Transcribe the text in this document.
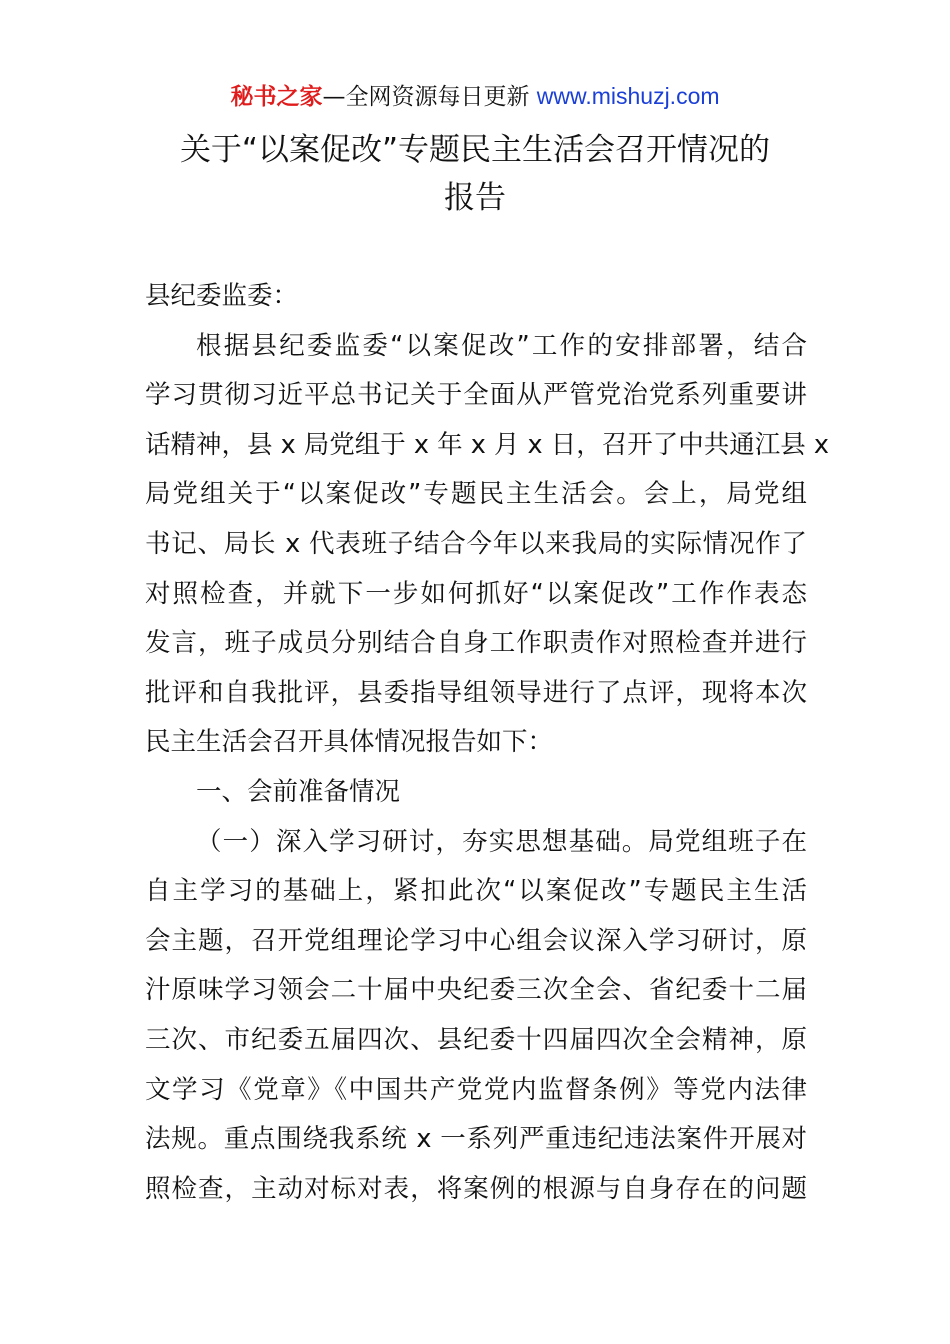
秘书之家—全网资源每日更新 www.mishuzj.com
关于“以案促改”专题民主生活会召开情况的
报告
县纪委监委：
根据县纪委监委“以案促改”工作的安排部署，结合
学习贯彻习近平总书记关于全面从严管党治党系列重要讲
话精神，县 x 局党组于 x 年 x 月 x 日，召开了中共通江县 x
局党组关于“以案促改”专题民主生活会。会上，局党组
书记、局长 x 代表班子结合今年以来我局的实际情况作了
对照检查，并就下一步如何抓好“以案促改”工作作表态
发言，班子成员分别结合自身工作职责作对照检查并进行
批评和自我批评，县委指导组领导进行了点评，现将本次
民主生活会召开具体情况报告如下：
一、会前准备情况
（一）深入学习研讨，夯实思想基础。局党组班子在
自主学习的基础上，紧扣此次“以案促改”专题民主生活
会主题，召开党组理论学习中心组会议深入学习研讨，原
汁原味学习领会二十届中央纪委三次全会、省纪委十二届
三次、市纪委五届四次、县纪委十四届四次全会精神，原
文学习《党章》《中国共产党党内监督条例》等党内法律
法规。重点围绕我系统 x 一系列严重违纪违法案件开展对
照检查，主动对标对表，将案例的根源与自身存在的问题
